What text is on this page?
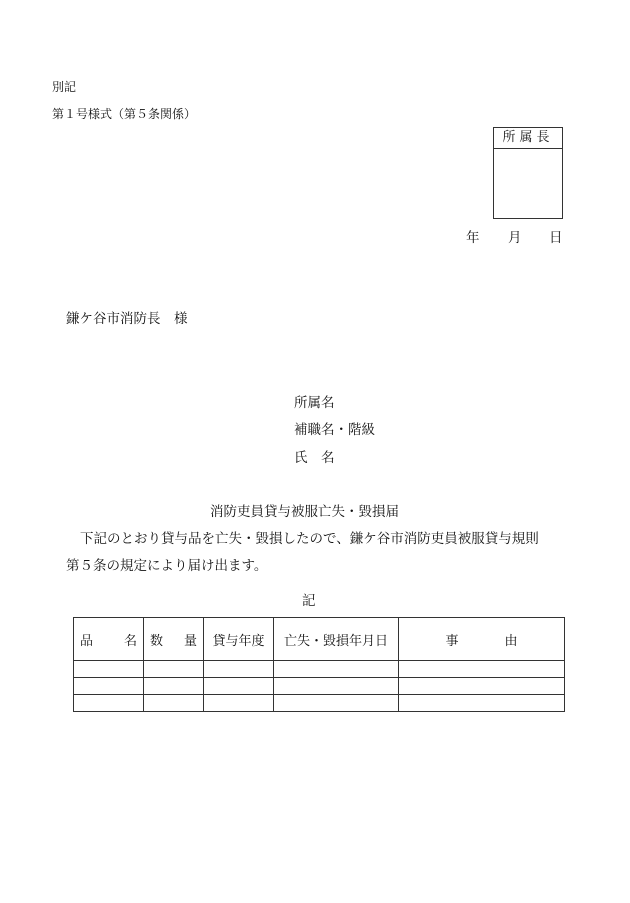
別記
第１号様式（第５条関係）
所属長
年 月 日
鎌ケ谷市消防長　様
所属名
補職名・階級
氏　名
消防吏員貸与被服亡失・毀損届
下記のとおり貸与品を亡失・毀損したので、鎌ケ谷市消防吏員被服貸与規則
第５条の規定により届け出ます。
記
品 名	数 量	貸与年度	亡失・毀損年月日	事 由
